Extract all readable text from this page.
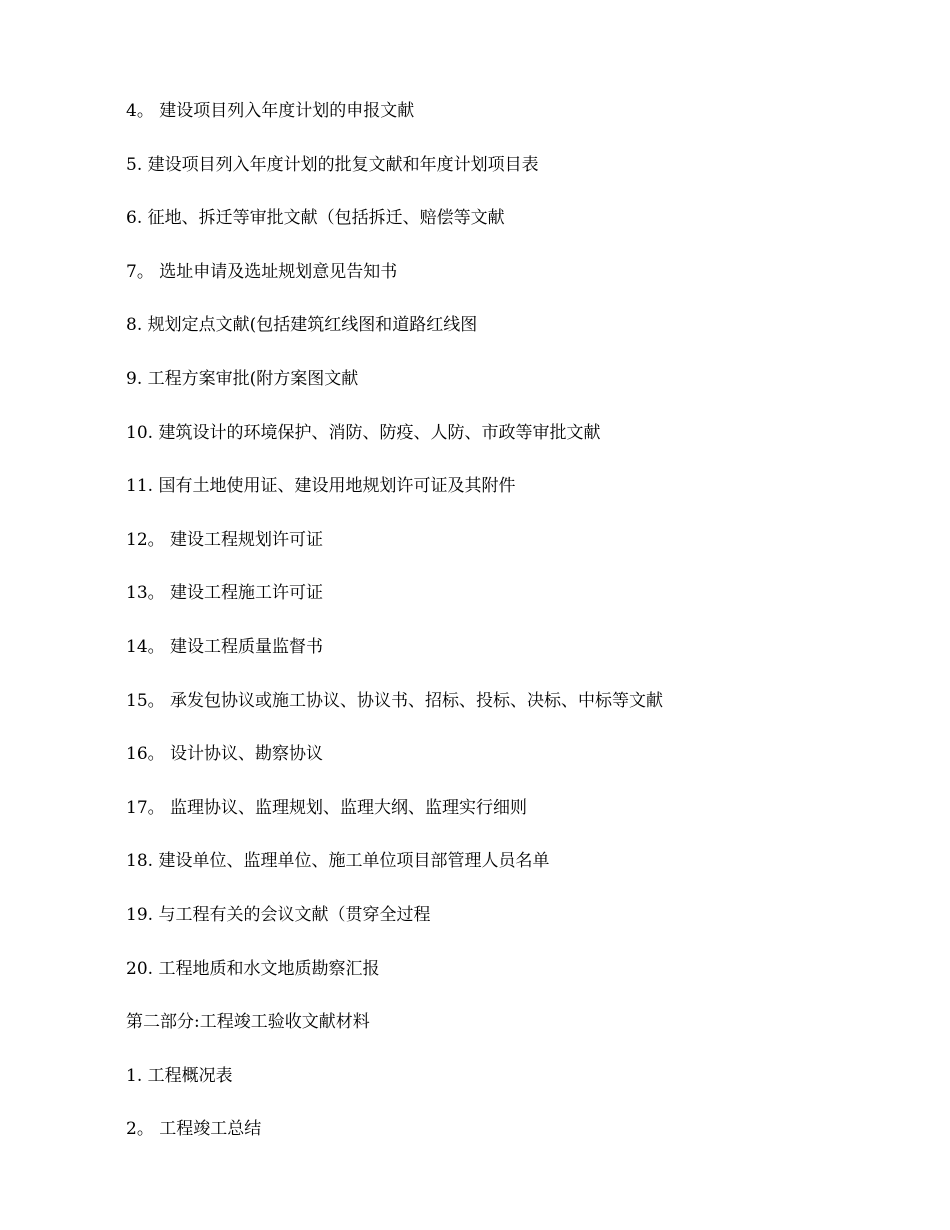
4。 建设项目列入年度计划的申报文献
5. 建设项目列入年度计划的批复文献和年度计划项目表
6. 征地、拆迁等审批文献（包括拆迁、赔偿等文献
7。 选址申请及选址规划意见告知书
8. 规划定点文献(包括建筑红线图和道路红线图
9. 工程方案审批(附方案图文献
10. 建筑设计的环境保护、消防、防疫、人防、市政等审批文献
11. 国有土地使用证、建设用地规划许可证及其附件
12。 建设工程规划许可证
13。 建设工程施工许可证
14。 建设工程质量监督书
15。 承发包协议或施工协议、协议书、招标、投标、决标、中标等文献
16。 设计协议、勘察协议
17。 监理协议、监理规划、监理大纲、监理实行细则
18. 建设单位、监理单位、施工单位项目部管理人员名单
19. 与工程有关的会议文献（贯穿全过程
20. 工程地质和水文地质勘察汇报
第二部分:工程竣工验收文献材料
1. 工程概况表
2。 工程竣工总结
